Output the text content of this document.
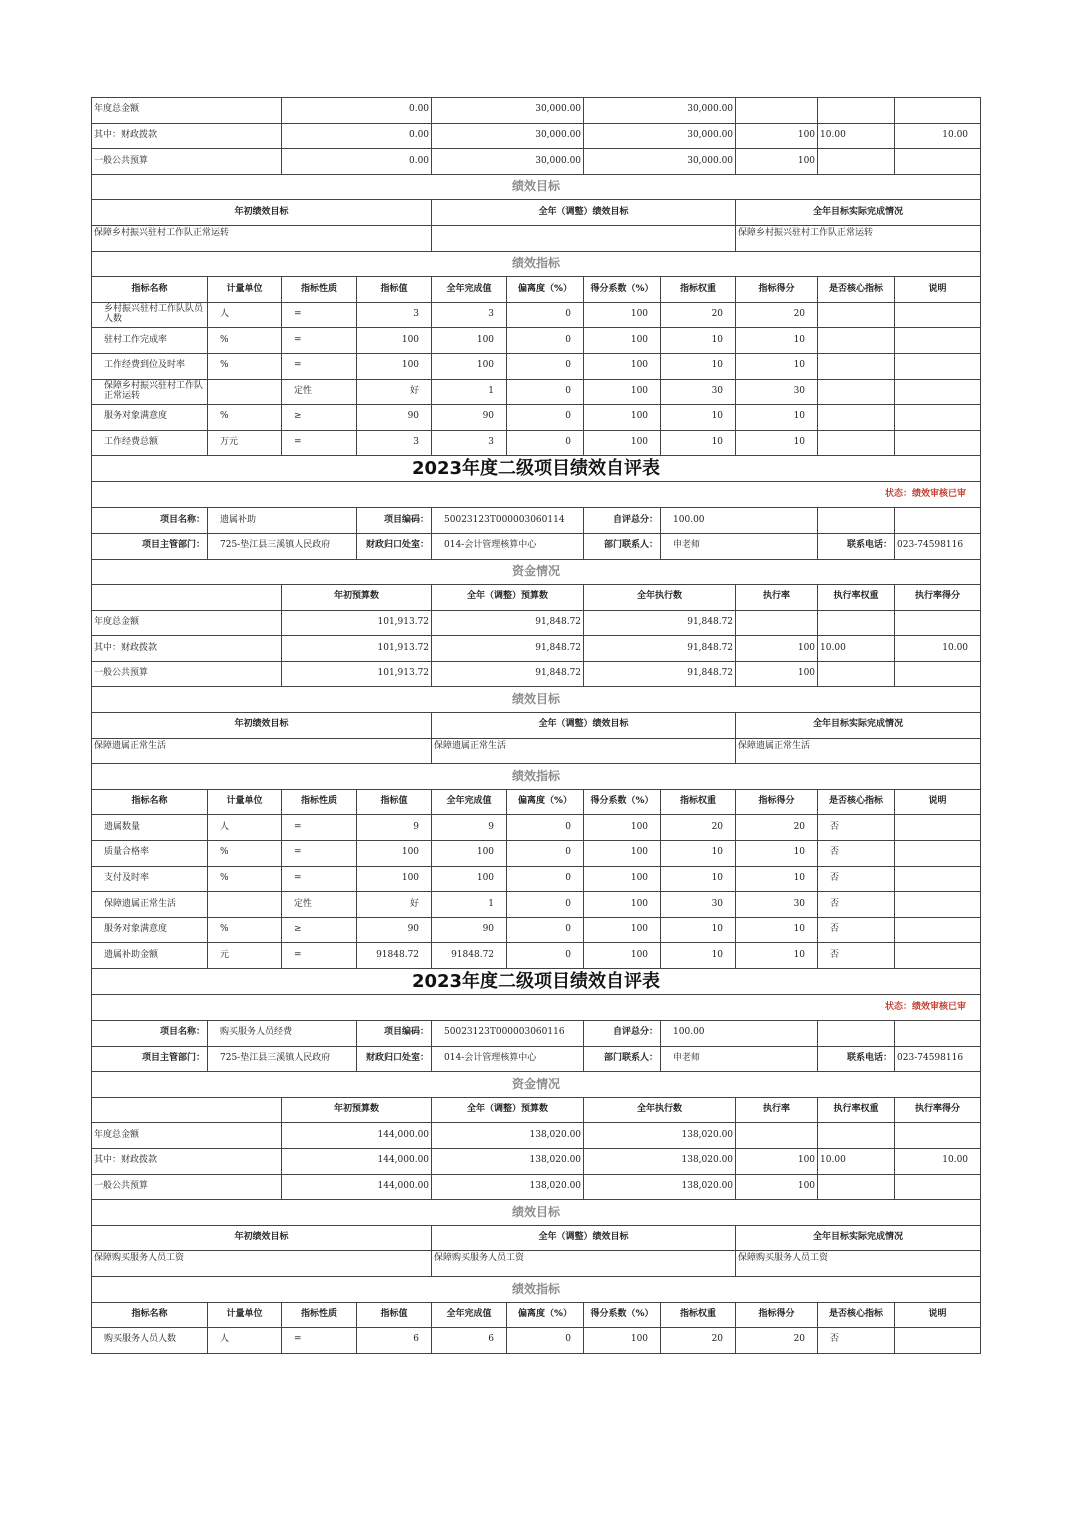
年度总金额		0.00		30,000.00		30,000.00				
其中：财政拨款		0.00		30,000.00		30,000.00		100	10.00	10.00
一般公共预算		0.00		30,000.00		30,000.00		100		
绩效目标										
年初绩效目标				全年（调整）绩效目标				全年目标实际完成情况		
保障乡村振兴驻村工作队正常运转								保障乡村振兴驻村工作队正常运转		
绩效指标										
指标名称	计量单位	指标性质	指标值	全年完成值	偏离度（%）	得分系数（%）	指标权重	指标得分	是否核心指标	说明
乡村振兴驻村工作队队员人数	人	=	3	3	0	100	20	20		
驻村工作完成率	%	=	100	100	0	100	10	10		
工作经费到位及时率	%	=	100	100	0	100	10	10		
保障乡村振兴驻村工作队正常运转		定性	好	1	0	100	30	30		
服务对象满意度	%	≥	90	90	0	100	10	10		
工作经费总额	万元	=	3	3	0	100	10	10		
2023年度二级项目绩效自评表										
状态：绩效审核已审										
项目名称：	遗属补助		项目编码：	50023123T000003060114		自评总分：	100.00			
项目主管部门：	725-垫江县三溪镇人民政府		财政归口处室：	014-会计管理核算中心		部门联系人：	申老师		联系电话：	023-74598116
资金情况										
		年初预算数		全年（调整）预算数		全年执行数		执行率	执行率权重	执行率得分
年度总金额		101,913.72		91,848.72		91,848.72				
其中：财政拨款		101,913.72		91,848.72		91,848.72		100	10.00	10.00
一般公共预算		101,913.72		91,848.72		91,848.72		100		
绩效目标										
年初绩效目标				全年（调整）绩效目标				全年目标实际完成情况		
保障遗属正常生活				保障遗属正常生活				保障遗属正常生活		
绩效指标										
指标名称	计量单位	指标性质	指标值	全年完成值	偏离度（%）	得分系数（%）	指标权重	指标得分	是否核心指标	说明
遗属数量	人	=	9	9	0	100	20	20	否	
质量合格率	%	=	100	100	0	100	10	10	否	
支付及时率	%	=	100	100	0	100	10	10	否	
保障遗属正常生活		定性	好	1	0	100	30	30	否	
服务对象满意度	%	≥	90	90	0	100	10	10	否	
遗属补助金额	元	=	91848.72	91848.72	0	100	10	10	否	
2023年度二级项目绩效自评表										
状态：绩效审核已审										
项目名称：	购买服务人员经费		项目编码：	50023123T000003060116		自评总分：	100.00			
项目主管部门：	725-垫江县三溪镇人民政府		财政归口处室：	014-会计管理核算中心		部门联系人：	申老师		联系电话：	023-74598116
资金情况										
		年初预算数		全年（调整）预算数		全年执行数		执行率	执行率权重	执行率得分
年度总金额		144,000.00		138,020.00		138,020.00				
其中：财政拨款		144,000.00		138,020.00		138,020.00		100	10.00	10.00
一般公共预算		144,000.00		138,020.00		138,020.00		100		
绩效目标										
年初绩效目标				全年（调整）绩效目标				全年目标实际完成情况		
保障购买服务人员工资				保障购买服务人员工资				保障购买服务人员工资		
绩效指标										
指标名称	计量单位	指标性质	指标值	全年完成值	偏离度（%）	得分系数（%）	指标权重	指标得分	是否核心指标	说明
购买服务人员人数	人	=	6	6	0	100	20	20	否	
